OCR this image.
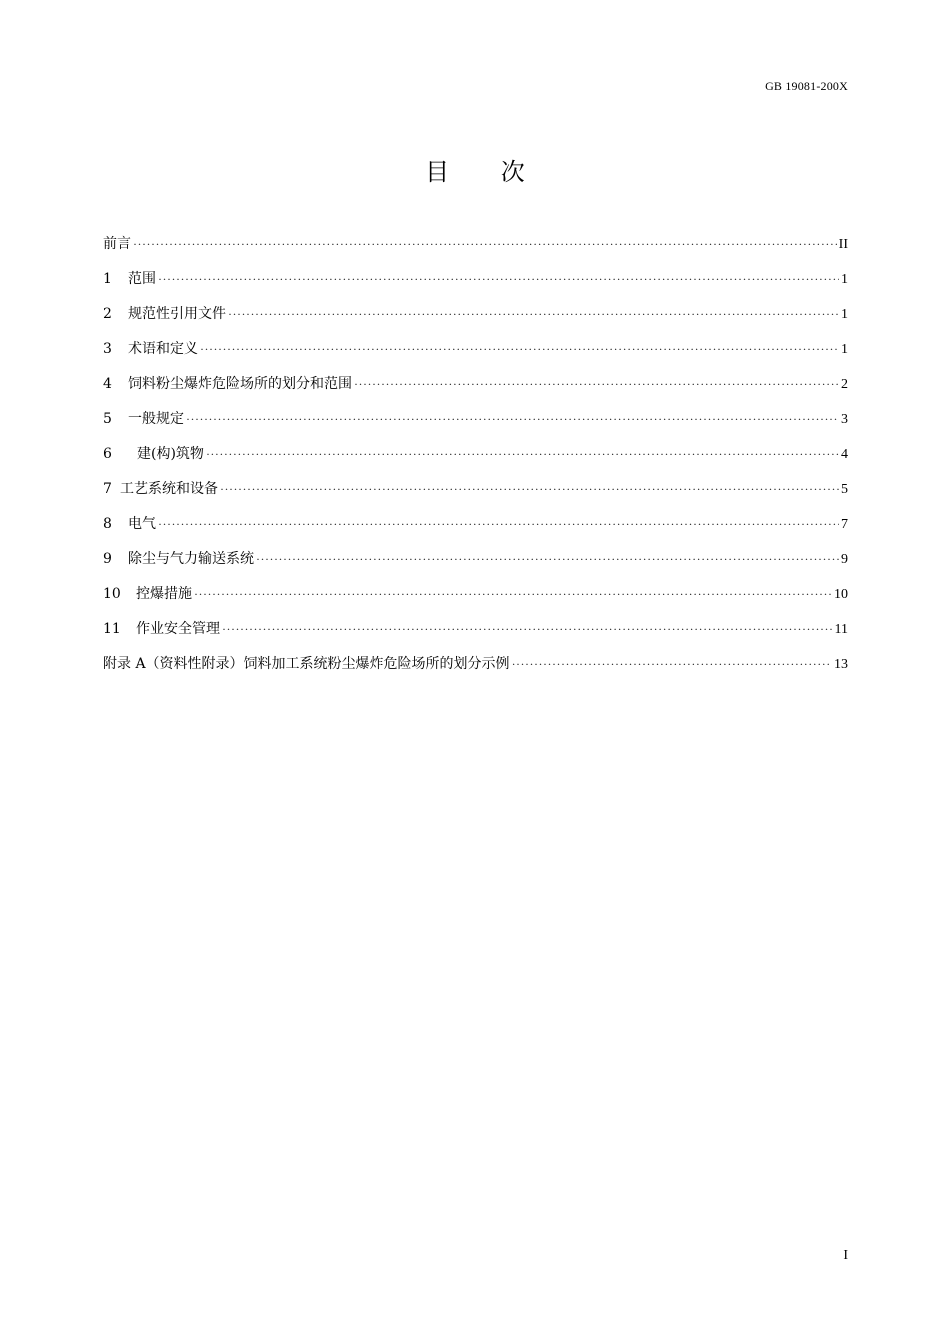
GB 19081-200X
目 次
前言 ·····	II
1	范围 ·····	1
2	规范性引用文件 ·····	1
3	术语和定义 ·····	1
4	饲料粉尘爆炸危险场所的划分和范围 ·····	2
5	一般规定 ·····	3
6	建(构)筑物 ·····	4
7 工艺系统和设备 ·····	5
8	电气 ·····	7
9	除尘与气力输送系统 ·····	9
10	控爆措施 ·····	10
11	作业安全管理 ·····	11
附录 A（资料性附录）饲料加工系统粉尘爆炸危险场所的划分示例 ·····	13
I
